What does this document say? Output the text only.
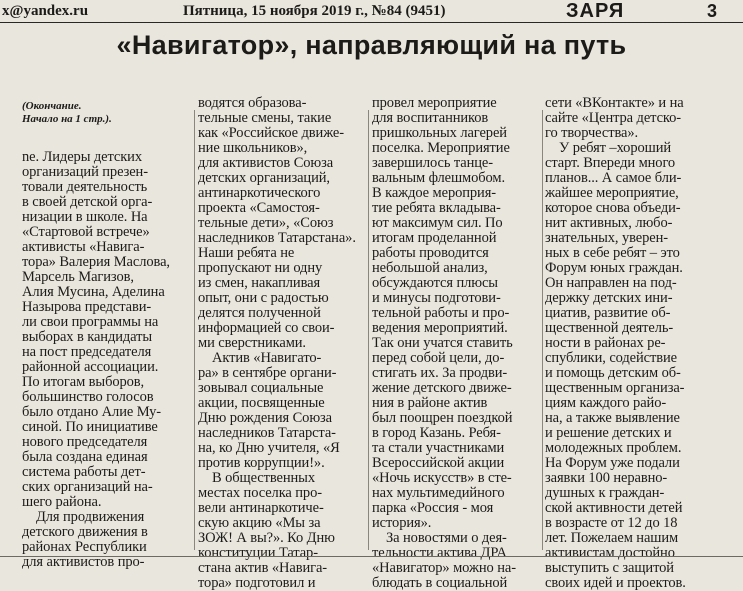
x@yandex.ru	Пятница, 15 ноября 2019 г., №84 (9451)	ЗАРЯ	3
«Навигатор», направляющий на путь
(Окончание.
Начало на 1 стр.).
ne. Лидеры детских
организаций презен-
товали деятельность
в своей детской орга-
низации в школе. На
«Стартовой встрече»
активисты «Навига-
тора» Валерия Маслова,
Марсель Магизов,
Алия Мусина, Аделина
Назырова представи-
ли свои программы на
выборах в кандидаты
на пост председателя
районной ассоциации.
По итогам выборов,
большинство голосов
было отдано Алие Му-
синой. По инициативе
нового председателя
была создана единая
система работы дет-
ских организаций на-
шего района.
Для продвижения
детского движения в
районах Республики
для активистов про-
водятся образова-
тельные смены, такие
как «Российское движе-
ние школьников»,
для активистов Союза
детских организаций,
антинаркотического
проекта «Самостоя-
тельные дети», «Союз
наследников Татарстана».
Наши ребята не
пропускают ни одну
из смен, накапливая
опыт, они с радостью
делятся полученной
информацией со свои-
ми сверстниками.
Актив «Навигато-
ра» в сентябре органи-
зовывал социальные
акции, посвященные
Дню рождения Союза
наследников Татарста-
на, ко Дню учителя, «Я
против коррупции!».
В общественных
местах поселка про-
вели антинаркотиче-
скую акцию «Мы за
ЗОЖ! А вы?». Ко Дню
конституции Татар-
стана актив «Навига-
тора» подготовил и
провел мероприятие
для воспитанников
пришкольных лагерей
поселка. Мероприятие
завершилось танце-
вальным флешмобом.
В каждое мероприя-
тие ребята вкладыва-
ют максимум сил. По
итогам проделанной
работы проводится
небольшой анализ,
обсуждаются плюсы
и минусы подготови-
тельной работы и про-
ведения мероприятий.
Так они учатся ставить
перед собой цели, до-
стигать их. За продви-
жение детского движе-
ния в районе актив
был поощрен поездкой
в город Казань. Ребя-
та стали участниками
Всероссийской акции
«Ночь искусств» в сте-
нах мультимедийного
парка «Россия - моя
история».
За новостями о дея-
тельности актива ДРА
«Навигатор» можно на-
блюдать в социальной
сети «ВКонтакте» и на
сайте «Центра детско-
го творчества».
У ребят –хороший
старт. Впереди много
планов... А самое бли-
жайшее мероприятие,
которое снова объеди-
нит активных, любо-
знательных, уверен-
ных в себе ребят – это
Форум юных граждан.
Он направлен на под-
держку детских ини-
циатив, развитие об-
щественной деятель-
ности в районах ре-
спублики, содействие
и помощь детским об-
щественным организа-
циям каждого райо-
на, а также выявление
и решение детских и
молодежных проблем.
На Форум уже подали
заявки 100 неравно-
душных к граждан-
ской активности детей
в возрасте от 12 до 18
лет. Пожелаем нашим
активистам достойно
выступить с защитой
своих идей и проектов.
